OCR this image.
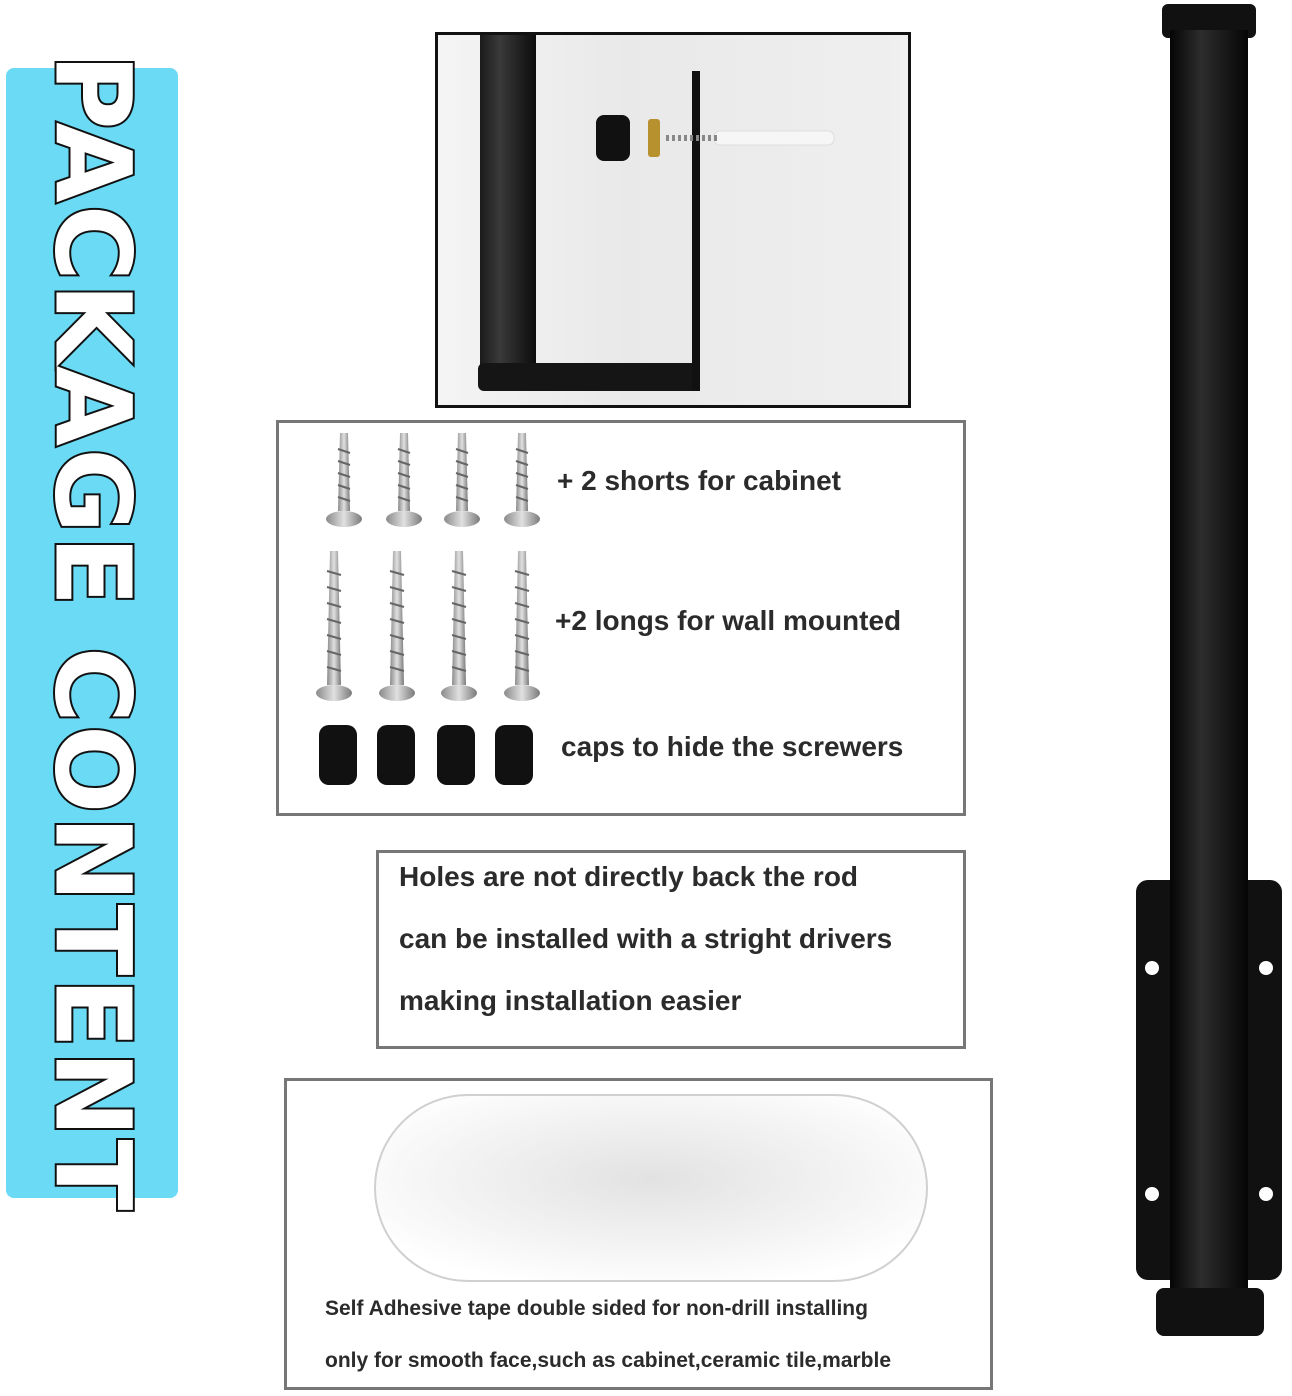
PACKAGE CONTENT	+ 2 shorts for cabinet
+2 longs for wall mounted
caps to hide the screwers
Holes are not directly back the rod
can be installed with a stright drivers
making installation easier
Self Adhesive tape double sided for non-drill installing
only for smooth face,such as cabinet,ceramic tile,marble
